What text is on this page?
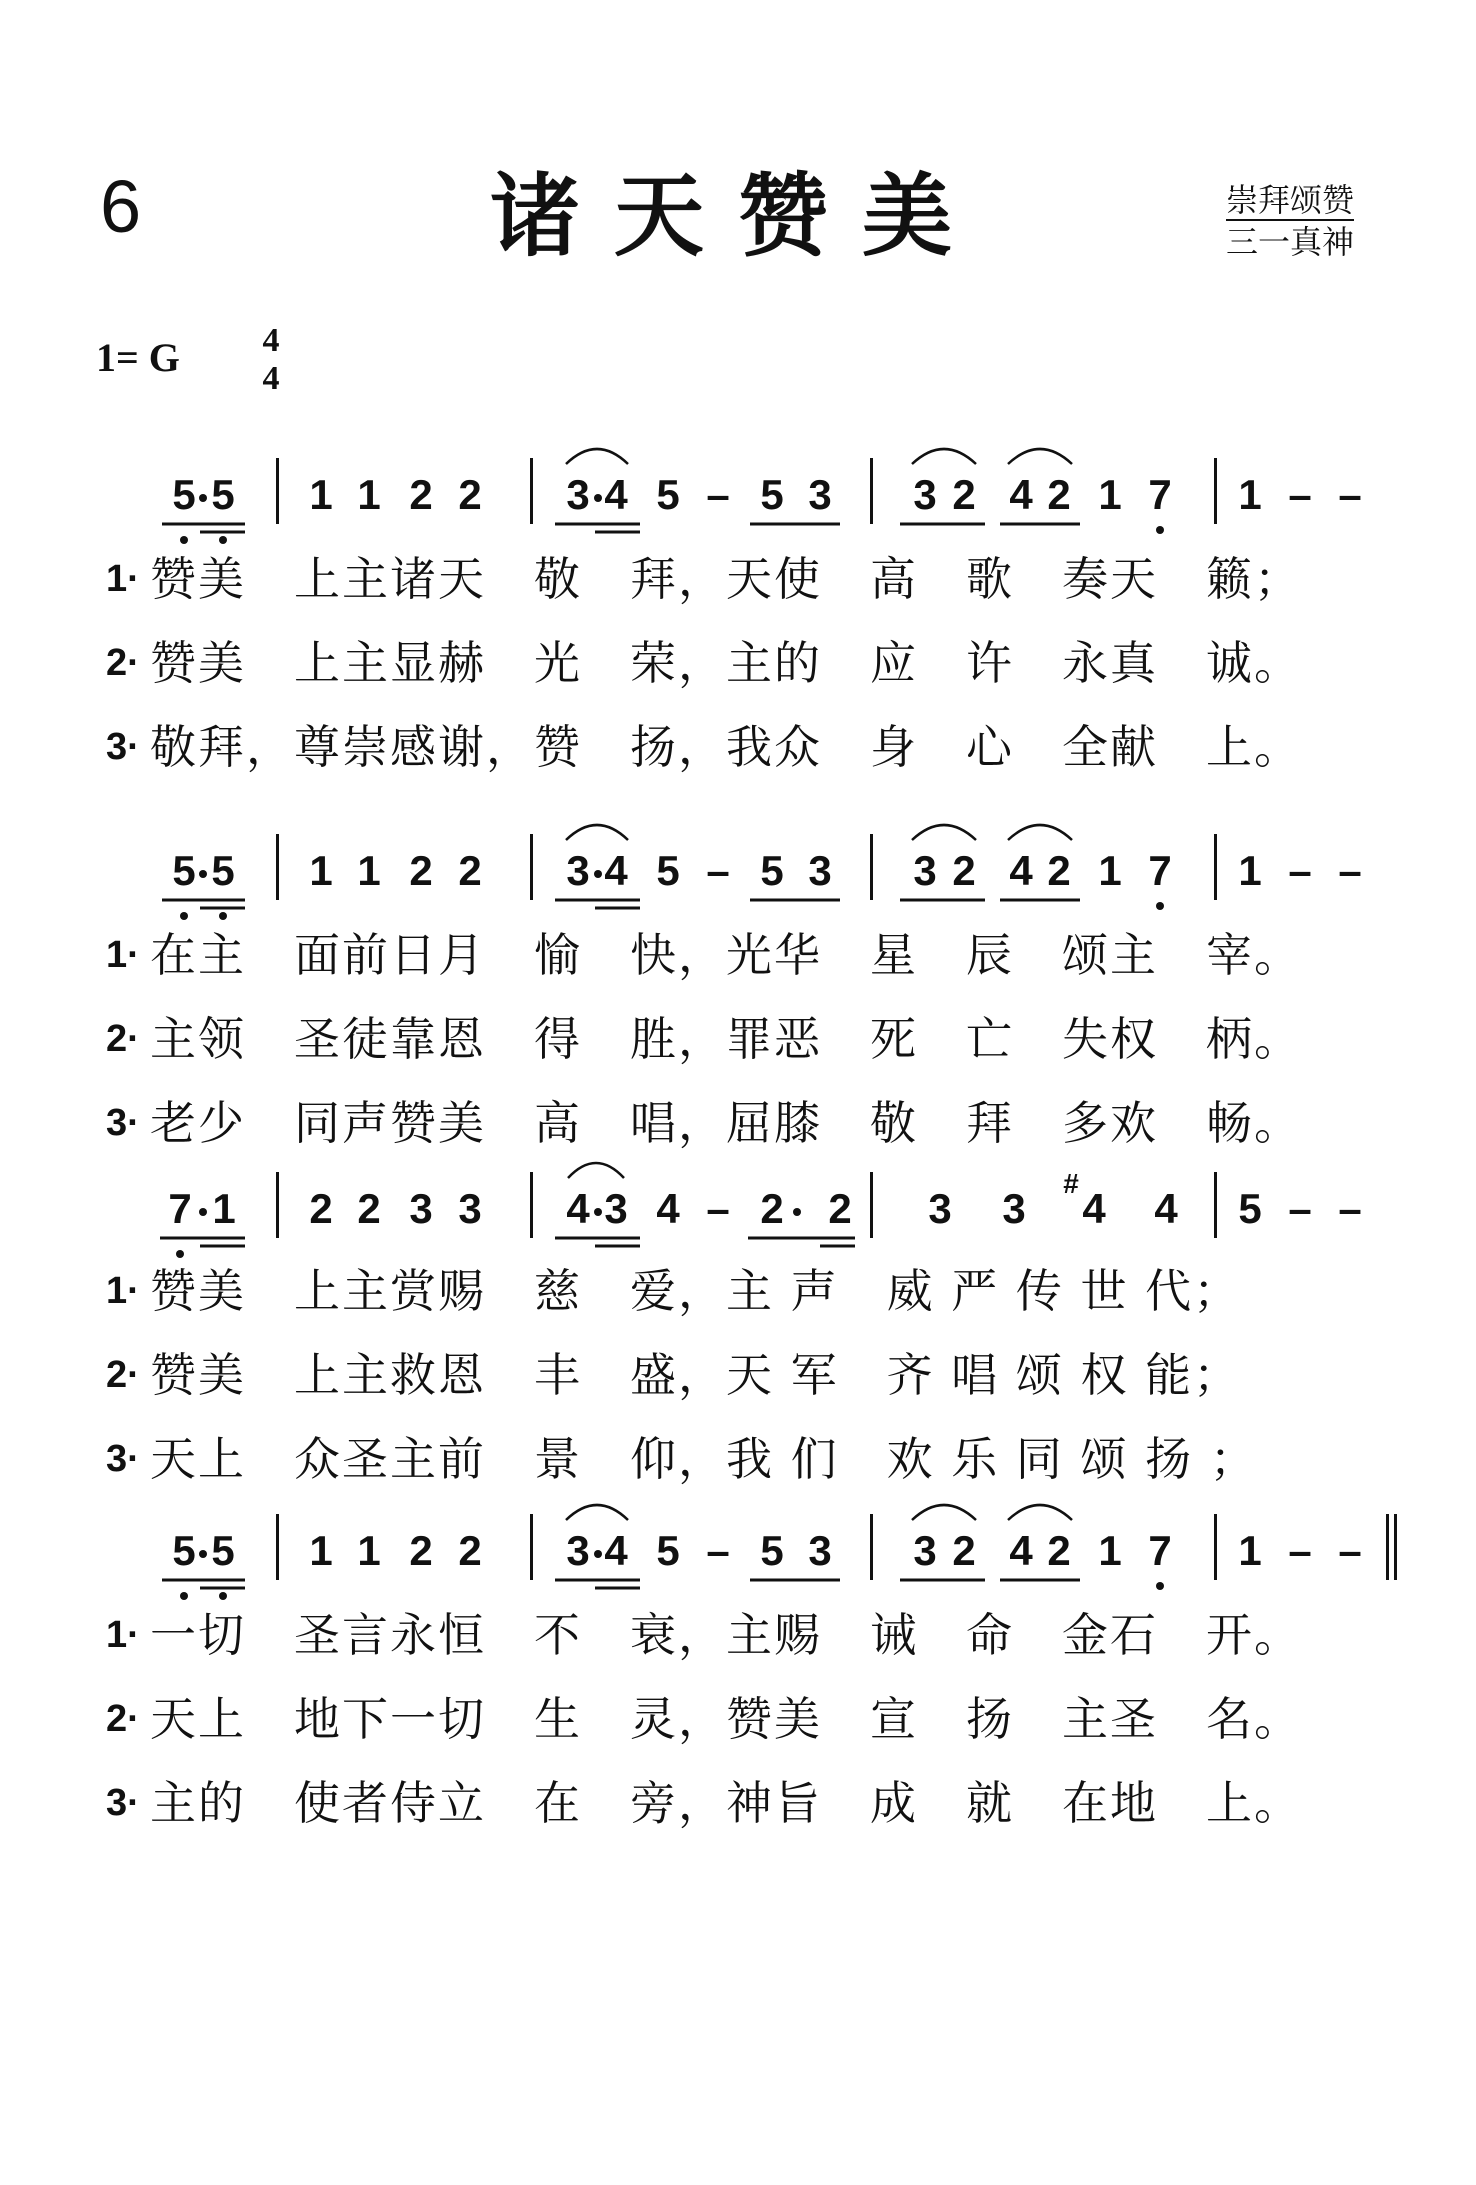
6	诸天赞美	崇拜颂赞
三一真神
1= G 4
4
5 5 1 1 2 2 3 4 5 – 5 3 3 2 4 2 1 7 1 – –
1· 赞美　上主诸天　敬　拜，天使　高　歌　奏天　籁；
2· 赞美　上主显赫　光　荣，主的　应　许　永真　诚。
3· 敬拜，尊崇感谢，赞　扬，我众　身　心　全献　上。
5 5 1 1 2 2 3 4 5 – 5 3 3 2 4 2 1 7 1 – –
1· 在主　面前日月　愉　快，光华　星　辰　颂主　宰。
2· 主领　圣徒靠恩　得　胜，罪恶　死　亡　失权　柄。
3· 老少　同声赞美　高　唱，屈膝　敬　拜　多欢　畅。
7 1 2 2 3 3 4 3 4 – 2 2 3 3
#
4 4 5 – –
1· 赞美　上主赏赐　慈　爱，主 声　威 严 传 世 代；
2· 赞美　上主救恩　丰　盛，天 军　齐 唱 颂 权 能；
3· 天上　众圣主前　景　仰，我 们　欢 乐 同 颂 扬 ；
5 5 1 1 2 2 3 4 5 – 5 3 3 2 4 2 1 7 1 – –
1· 一切　圣言永恒　不　衰，主赐　诫　命　金石　开。
2· 天上　地下一切　生　灵，赞美　宣　扬　主圣　名。
3· 主的　使者侍立　在　旁，神旨　成　就　在地　上。
